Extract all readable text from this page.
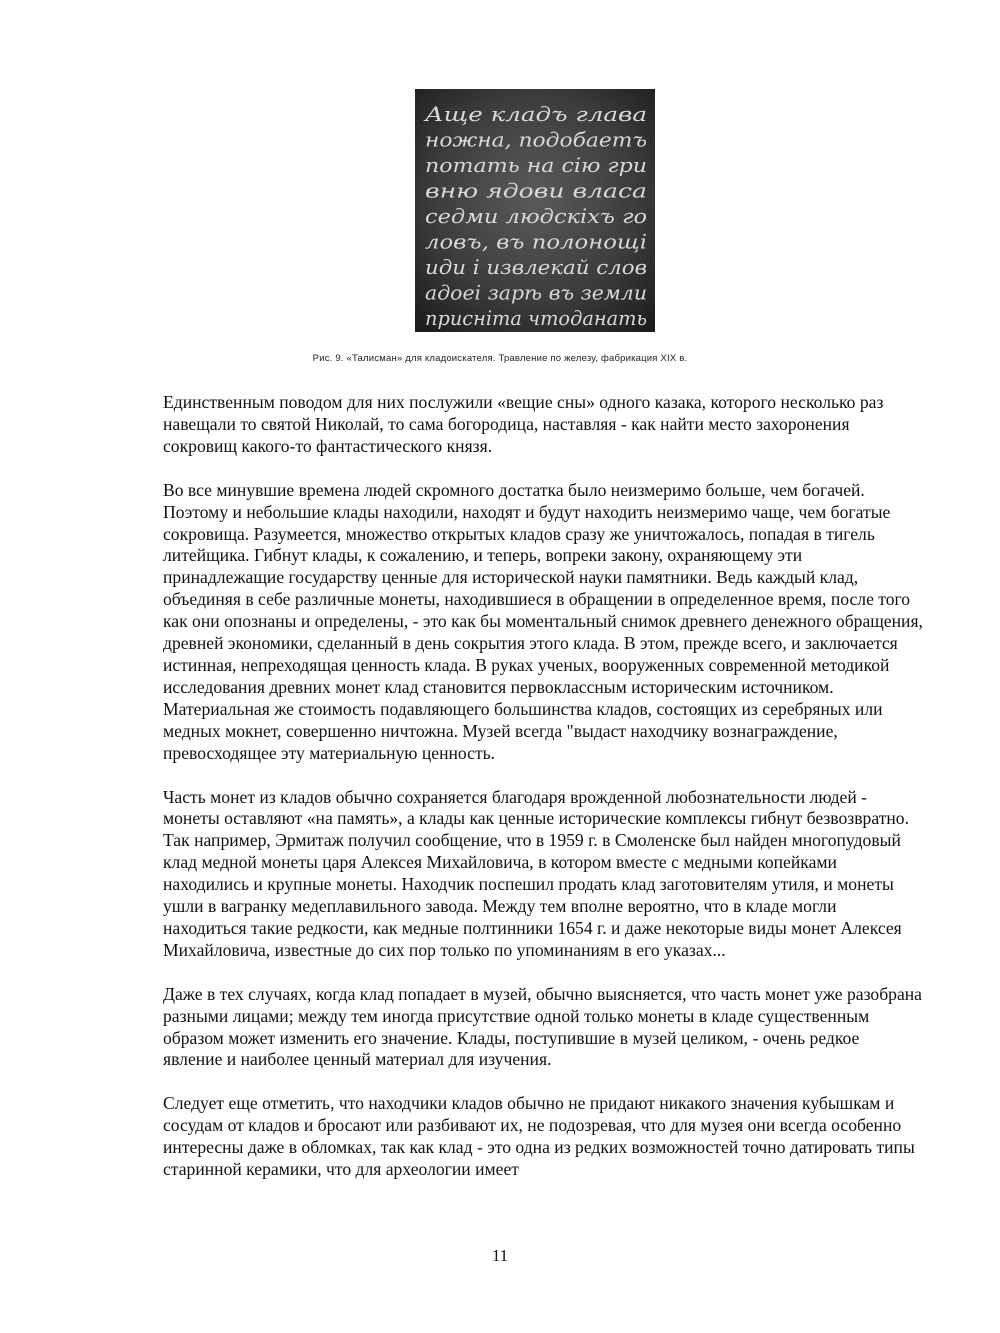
Аще кладъ глава
ножна, подобаетъ
потать на сію гри
вню ядови власа
седми людскіхъ го
ловъ, въ полонощі
иди і извлекай слов
адоеі зарѣ въ земли
присніта чтоданать
Рис. 9. «Талисман» для кладоискателя. Травление по железу, фабрикация XIX в.

Единственным поводом для них послужили «вещие сны» одного казака, которого несколько раз навещали то святой Николай, то сама богородица, наставляя - как найти место захоронения сокровищ какого-то фантастического князя.

Во все минувшие времена людей скромного достатка было неизмеримо больше, чем богачей. Поэтому и небольшие клады находили, находят и будут находить неизмеримо чаще, чем богатые сокровища. Разумеется, множество открытых кладов сразу же уничтожалось, попадая в тигель литейщика. Гибнут клады, к сожалению, и теперь, вопреки закону, охраняющему эти принадлежащие государству ценные для исторической науки памятники. Ведь каждый клад, объединяя в себе различные монеты, находившиеся в обращении в определенное время, после того как они опознаны и определены, - это как бы моментальный снимок древнего денежного обращения, древней экономики, сделанный в день сокрытия этого клада. В этом, прежде всего, и заключается истинная, непреходящая ценность клада. В руках ученых, вооруженных современной методикой исследования древних монет клад становится первоклассным историческим источником. Материальная же стоимость подавляющего большинства кладов, состоящих из серебряных или медных мокнет, совершенно ничтожна. Музей всегда "выдаст находчику вознаграждение, превосходящее эту материальную ценность.

Часть монет из кладов обычно сохраняется благодаря врожденной любознательности людей - монеты оставляют «на память», а клады как ценные исторические комплексы гибнут безвозвратно. Так например, Эрмитаж получил сообщение, что в 1959 г. в Смоленске был найден многопудовый клад медной монеты царя Алексея Михайловича, в котором вместе с медными копейками находились и крупные монеты. Находчик поспешил продать клад заготовителям утиля, и монеты ушли в вагранку медеплавильного завода. Между тем вполне вероятно, что в кладе могли находиться такие редкости, как медные полтинники 1654 г. и даже некоторые виды монет Алексея Михайловича, известные до сих пор только по упоминаниям в его указах...

Даже в тех случаях, когда клад попадает в музей, обычно выясняется, что часть монет уже разобрана разными лицами; между тем иногда присутствие одной только монеты в кладе существенным образом может изменить его значение. Клады, поступившие в музей целиком, - очень редкое явление и наиболее ценный материал для изучения.

Следует еще отметить, что находчики кладов обычно не придают никакого значения кубышкам и сосудам от кладов и бросают или разбивают их, не подозревая, что для музея они всегда особенно интересны даже в обломках, так как клад - это одна из редких возможностей точно датировать типы старинной керамики, что для археологии имеет

11
